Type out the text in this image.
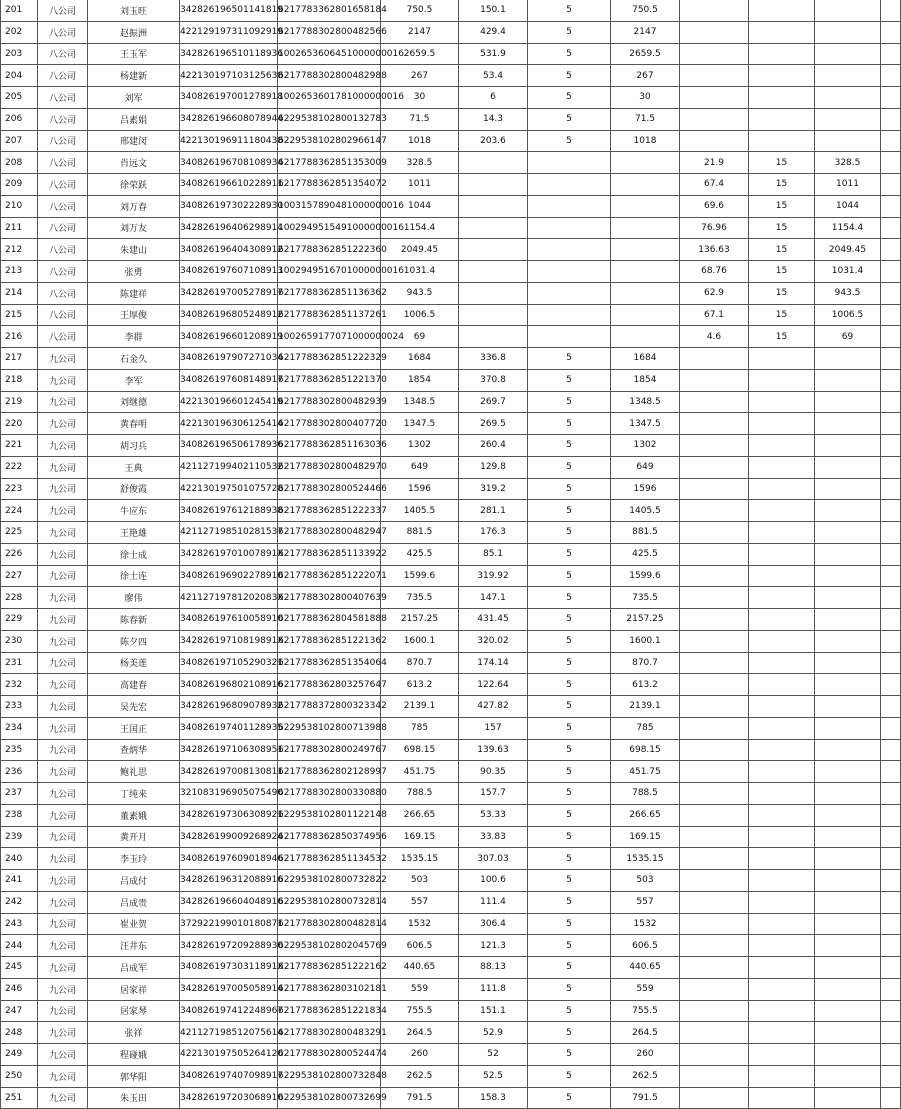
201	八公司	刘玉旺	342826196501141819	6217783362801658184	750.5	150.1	5	750.5				
202	八公司	赵振洲	422129197311092919	6217788302800482566	2147	429.4	5	2147				
203	八公司	王玉军	342826196510118936	1002653606451000000016	2659.5	531.9	5	2659.5				
204	八公司	杨建新	422130197103125638	6217788302800482988	267	53.4	5	267				
205	八公司	刘军	340826197001278918	1002653601781000000016	30	6	5	30				
206	八公司	吕素娟	342826196608078944	6229538102800132783	71.5	14.3	5	71.5				
207	八公司	邢建闵	422130196911180438	6229538102802966147	1018	203.6	5	1018				
208	八公司	肖远文	340826196708108934	6217788362851353009	328.5				21.9	15	328.5	
209	八公司	徐荣跃	340826196610228911	6217788362851354072	1011				67.4	15	1011	
210	八公司	刘万春	340826197302228930	1003157890481000000016	1044				69.6	15	1044	
211	八公司	刘万友	342826196406298914	1002949515491000000016	1154.4				76.96	15	1154.4	
212	八公司	朱建山	340826196404308912	6217788362851222360	2049.45				136.63	15	2049.45	
213	八公司	张勇	340826197607108913	1002949516701000000016	1031.4				68.76	15	1031.4	
214	八公司	陈建祥	342826197005278917	6217788362851136362	943.5				62.9	15	943.5	
215	八公司	王厚俊	340826196805248912	6217788362851137261	1006.5				67.1	15	1006.5	
216	八公司	李群	340826196601208919	1002659177071000000024	69				4.6	15	69	
217	九公司	石金久	340826197907271034	6217788362851222329	1684	336.8	5	1684				
218	九公司	李军	340826197608148917	6217788362851221370	1854	370.8	5	1854				
219	九公司	刘继德	422130196601245419	6217788302800482939	1348.5	269.7	5	1348.5				
220	九公司	黄春明	422130196306125414	6217788302800407720	1347.5	269.5	5	1347.5				
221	九公司	胡习兵	340826196506178936	6217788362851163036	1302	260.4	5	1302				
222	九公司	王典	421127199402110532	6217788302800482970	649	129.8	5	649				
223	九公司	舒俊霞	422130197501075728	6217788302800524466	1596	319.2	5	1596				
224	九公司	牛应东	340826197612188938	6217788362851222337	1405.5	281.1	5	1405.5				
225	九公司	王艳雄	421127198510281537	6217788302800482947	881.5	176.3	5	881.5				
226	九公司	徐士成	34282619701007891X	6217788362851133922	425.5	85.1	5	425.5				
227	九公司	徐士连	340826196902278910	6217788362851222071	1599.6	319.92	5	1599.6				
228	九公司	廖伟	42112719781202083X	6217788302800407639	735.5	147.1	5	735.5				
229	九公司	陈春新	340826197610058910	6217788362804581888	2157.25	431.45	5	2157.25				
230	九公司	陈夕四	34282619710819891X	6217788362851221362	1600.1	320.02	5	1600.1				
231	九公司	杨美莲	340826197105290321	6217788362851354064	870.7	174.14	5	870.7				
232	九公司	高建春	340826196802108916	6217788362803257647	613.2	122.64	5	613.2				
233	九公司	吴先宏	342826196809078932	6217788372800323342	2139.1	427.82	5	2139.1				
234	九公司	王国正	340826197401128935	6229538102800713988	785	157	5	785				
235	九公司	查炳华	342826197106308951	6217788302800249767	698.15	139.63	5	698.15				
236	九公司	鲍礼思	342826197008130811	6217788362802128997	451.75	90.35	5	451.75				
237	九公司	丁纯来	321083196905075490	6217788302800330880	788.5	157.7	5	788.5				
238	九公司	董素娥	342826197306308921	6229538102801122148	266.65	53.33	5	266.65				
239	九公司	黄开月	342826199009268924	6217788362850374956	169.15	33.83	5	169.15				
240	九公司	李玉玲	340826197609018946	6217788362851134532	1535.15	307.03	5	1535.15				
241	九公司	吕成付	342826196312088916	6229538102800732822	503	100.6	5	503				
242	九公司	吕成贵	342826196604048916	6229538102800732814	557	111.4	5	557				
243	九公司	崔业贺	372922199010180871	6217788302800482814	1532	306.4	5	1532				
244	九公司	汪井东	342826197209288930	6229538102802045769	606.5	121.3	5	606.5				
245	九公司	吕成军	34082619730311891X	6217788362851222162	440.65	88.13	5	440.65				
246	九公司	居家祥	342826197005058914	6217788362803102181	559	111.8	5	559				
247	九公司	居家琴	340826197412248967	6217788362851221834	755.5	151.1	5	755.5				
248	九公司	张祥	421127198512075614	6217788302800483291	264.5	52.9	5	264.5				
249	九公司	程碰娥	422130197505264120	6217788302800524474	260	52	5	260				
250	九公司	郭华阳	340826197407098917	6229538102800732848	262.5	52.5	5	262.5				
251	九公司	朱玉田	342826197203068910	6229538102800732699	791.5	158.3	5	791.5				
